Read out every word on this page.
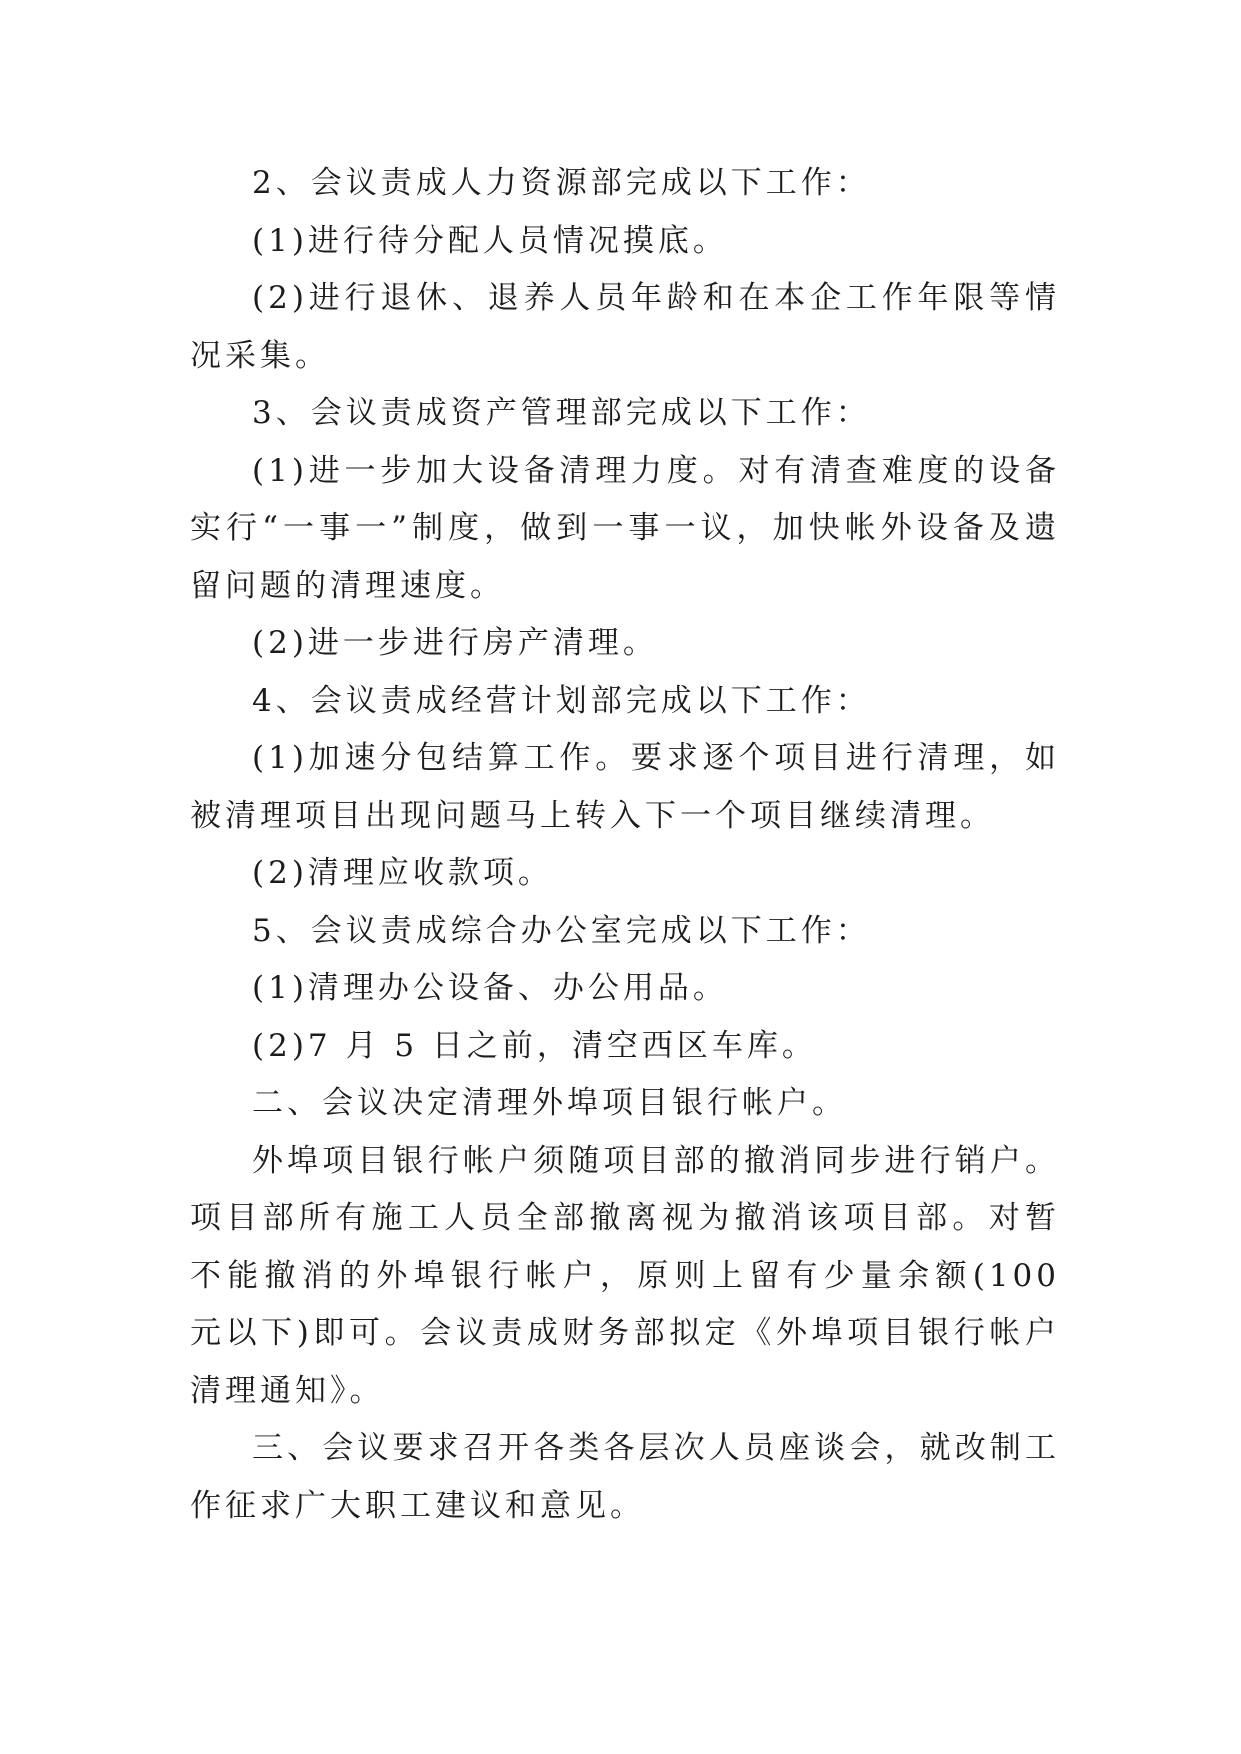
2、会议责成人力资源部完成以下工作：

(1)进行待分配人员情况摸底。

(2)进行退休、退养人员年龄和在本企工作年限等情况采集。

3、会议责成资产管理部完成以下工作：

(1)进一步加大设备清理力度。对有清查难度的设备实行“一事一”制度，做到一事一议，加快帐外设备及遗留问题的清理速度。

(2)进一步进行房产清理。

4、会议责成经营计划部完成以下工作：

(1)加速分包结算工作。要求逐个项目进行清理，如被清理项目出现问题马上转入下一个项目继续清理。

(2)清理应收款项。

5、会议责成综合办公室完成以下工作：

(1)清理办公设备、办公用品。

(2)7 月 5 日之前，清空西区车库。

二、会议决定清理外埠项目银行帐户。

外埠项目银行帐户须随项目部的撤消同步进行销户。项目部所有施工人员全部撤离视为撤消该项目部。对暂不能撤消的外埠银行帐户，原则上留有少量余额(100 元以下)即可。会议责成财务部拟定《外埠项目银行帐户清理通知》。

三、会议要求召开各类各层次人员座谈会，就改制工作征求广大职工建议和意见。
